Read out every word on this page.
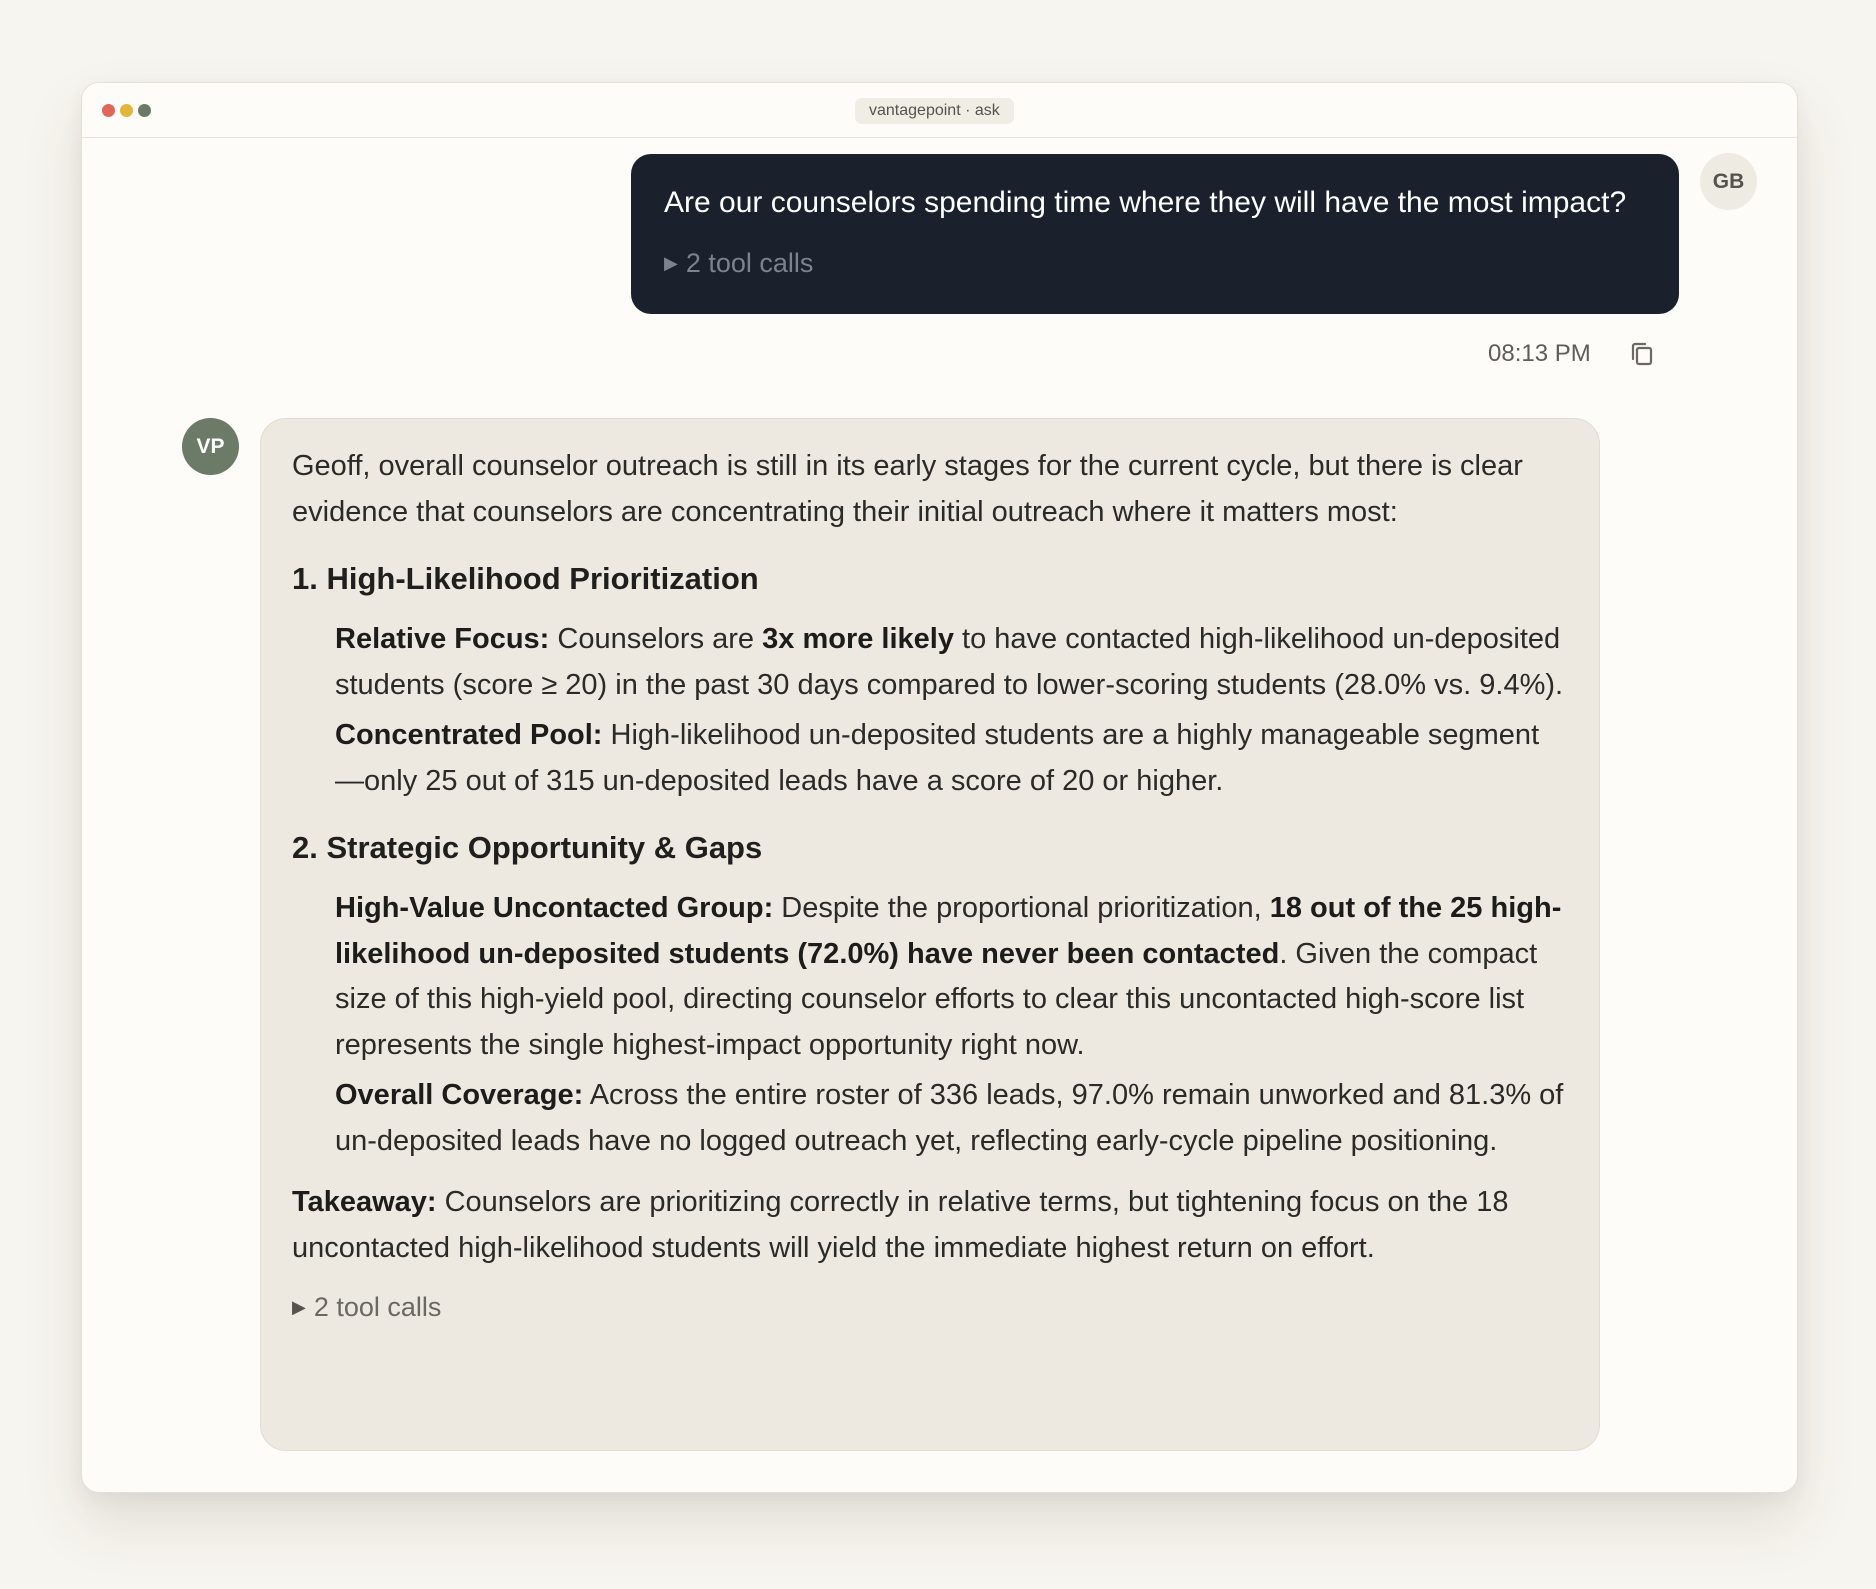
vantagepoint · ask
Are our counselors spending time where they will have the most impact?
▶ 2 tool calls
GB
08:13 PM
VP

Geoff, overall counselor outreach is still in its early stages for the current cycle, but there is clear evidence that counselors are concentrating their initial outreach where it matters most:

1. High-Likelihood Prioritization

Relative Focus: Counselors are 3x more likely to have contacted high-likelihood un-deposited students (score ≥ 20) in the past 30 days compared to lower-scoring students (28.0% vs. 9.4%).
Concentrated Pool: High-likelihood un-deposited students are a highly manageable segment—only 25 out of 315 un-deposited leads have a score of 20 or higher.

2. Strategic Opportunity & Gaps

High-Value Uncontacted Group: Despite the proportional prioritization, 18 out of the 25 high-likelihood un-deposited students (72.0%) have never been contacted. Given the compact size of this high-yield pool, directing counselor efforts to clear this uncontacted high-score list represents the single highest-impact opportunity right now.
Overall Coverage: Across the entire roster of 336 leads, 97.0% remain unworked and 81.3% of un-deposited leads have no logged outreach yet, reflecting early-cycle pipeline positioning.

Takeaway: Counselors are prioritizing correctly in relative terms, but tightening focus on the 18 uncontacted high-likelihood students will yield the immediate highest return on effort.

▶ 2 tool calls
